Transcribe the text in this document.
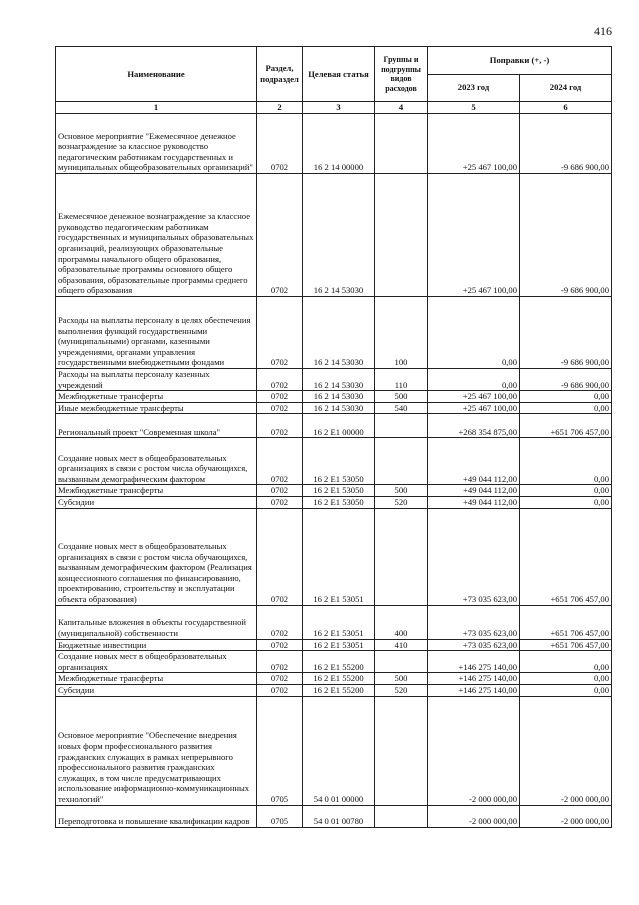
416
Наименование	Раздел,
подраздел	Целевая статья	Группы и
подгруппы
видов
расходов	Поправки (+, -)	
				2023 год	2024 год
1	2	3	4	5	6
Основное мероприятие "Ежемесячное денежное вознаграждение за классное руководство педагогическим работникам государственных и муниципальных общеобразовательных организаций"	0702	16 2 14 00000		+25 467 100,00	-9 686 900,00
Ежемесячное денежное вознаграждение за классное руководство педагогическим работникам государственных и муниципальных образовательных организаций, реализующих образовательные программы начального общего образования, образовательные программы основного общего образования, образовательные программы среднего общего образования	0702	16 2 14 53030		+25 467 100,00	-9 686 900,00
Расходы на выплаты персоналу в целях обеспечения выполнения функций государственными (муниципальными) органами, казенными учреждениями, органами управления государственными внебюджетными фондами	0702	16 2 14 53030	100	0,00	-9 686 900,00
Расходы на выплаты персоналу казенных учреждений	0702	16 2 14 53030	110	0,00	-9 686 900,00
Межбюджетные трансферты	0702	16 2 14 53030	500	+25 467 100,00	0,00
Иные межбюджетные трансферты	0702	16 2 14 53030	540	+25 467 100,00	0,00
Региональный проект "Современная школа"	0702	16 2 E1 00000		+268 354 875,00	+651 706 457,00
Создание новых мест в общеобразовательных организациях в связи с ростом числа обучающихся, вызванным демографическим фактором	0702	16 2 E1 53050		+49 044 112,00	0,00
Межбюджетные трансферты	0702	16 2 E1 53050	500	+49 044 112,00	0,00
Субсидии	0702	16 2 E1 53050	520	+49 044 112,00	0,00
Создание новых мест в общеобразовательных организациях в связи с ростом числа обучающихся, вызванным демографическим фактором (Реализация концессионного соглашения по финансированию, проектированию, строительству и эксплуатации объекта образования)	0702	16 2 E1 53051		+73 035 623,00	+651 706 457,00
Капитальные вложения в объекты государственной (муниципальной) собственности	0702	16 2 E1 53051	400	+73 035 623,00	+651 706 457,00
Бюджетные инвестиции	0702	16 2 E1 53051	410	+73 035 623,00	+651 706 457,00
Создание новых мест в общеобразовательных организациях	0702	16 2 E1 55200		+146 275 140,00	0,00
Межбюджетные трансферты	0702	16 2 E1 55200	500	+146 275 140,00	0,00
Субсидии	0702	16 2 E1 55200	520	+146 275 140,00	0,00
Основное мероприятие "Обеспечение внедрения новых форм профессионального развития гражданских служащих в рамках непрерывного профессионального развития гражданских служащих, в том числе предусматривающих использование информационно-коммуникационных технологий"	0705	54 0 01 00000		-2 000 000,00	-2 000 000,00
Переподготовка и повышение квалификации кадров	0705	54 0 01 00780		-2 000 000,00	-2 000 000,00
